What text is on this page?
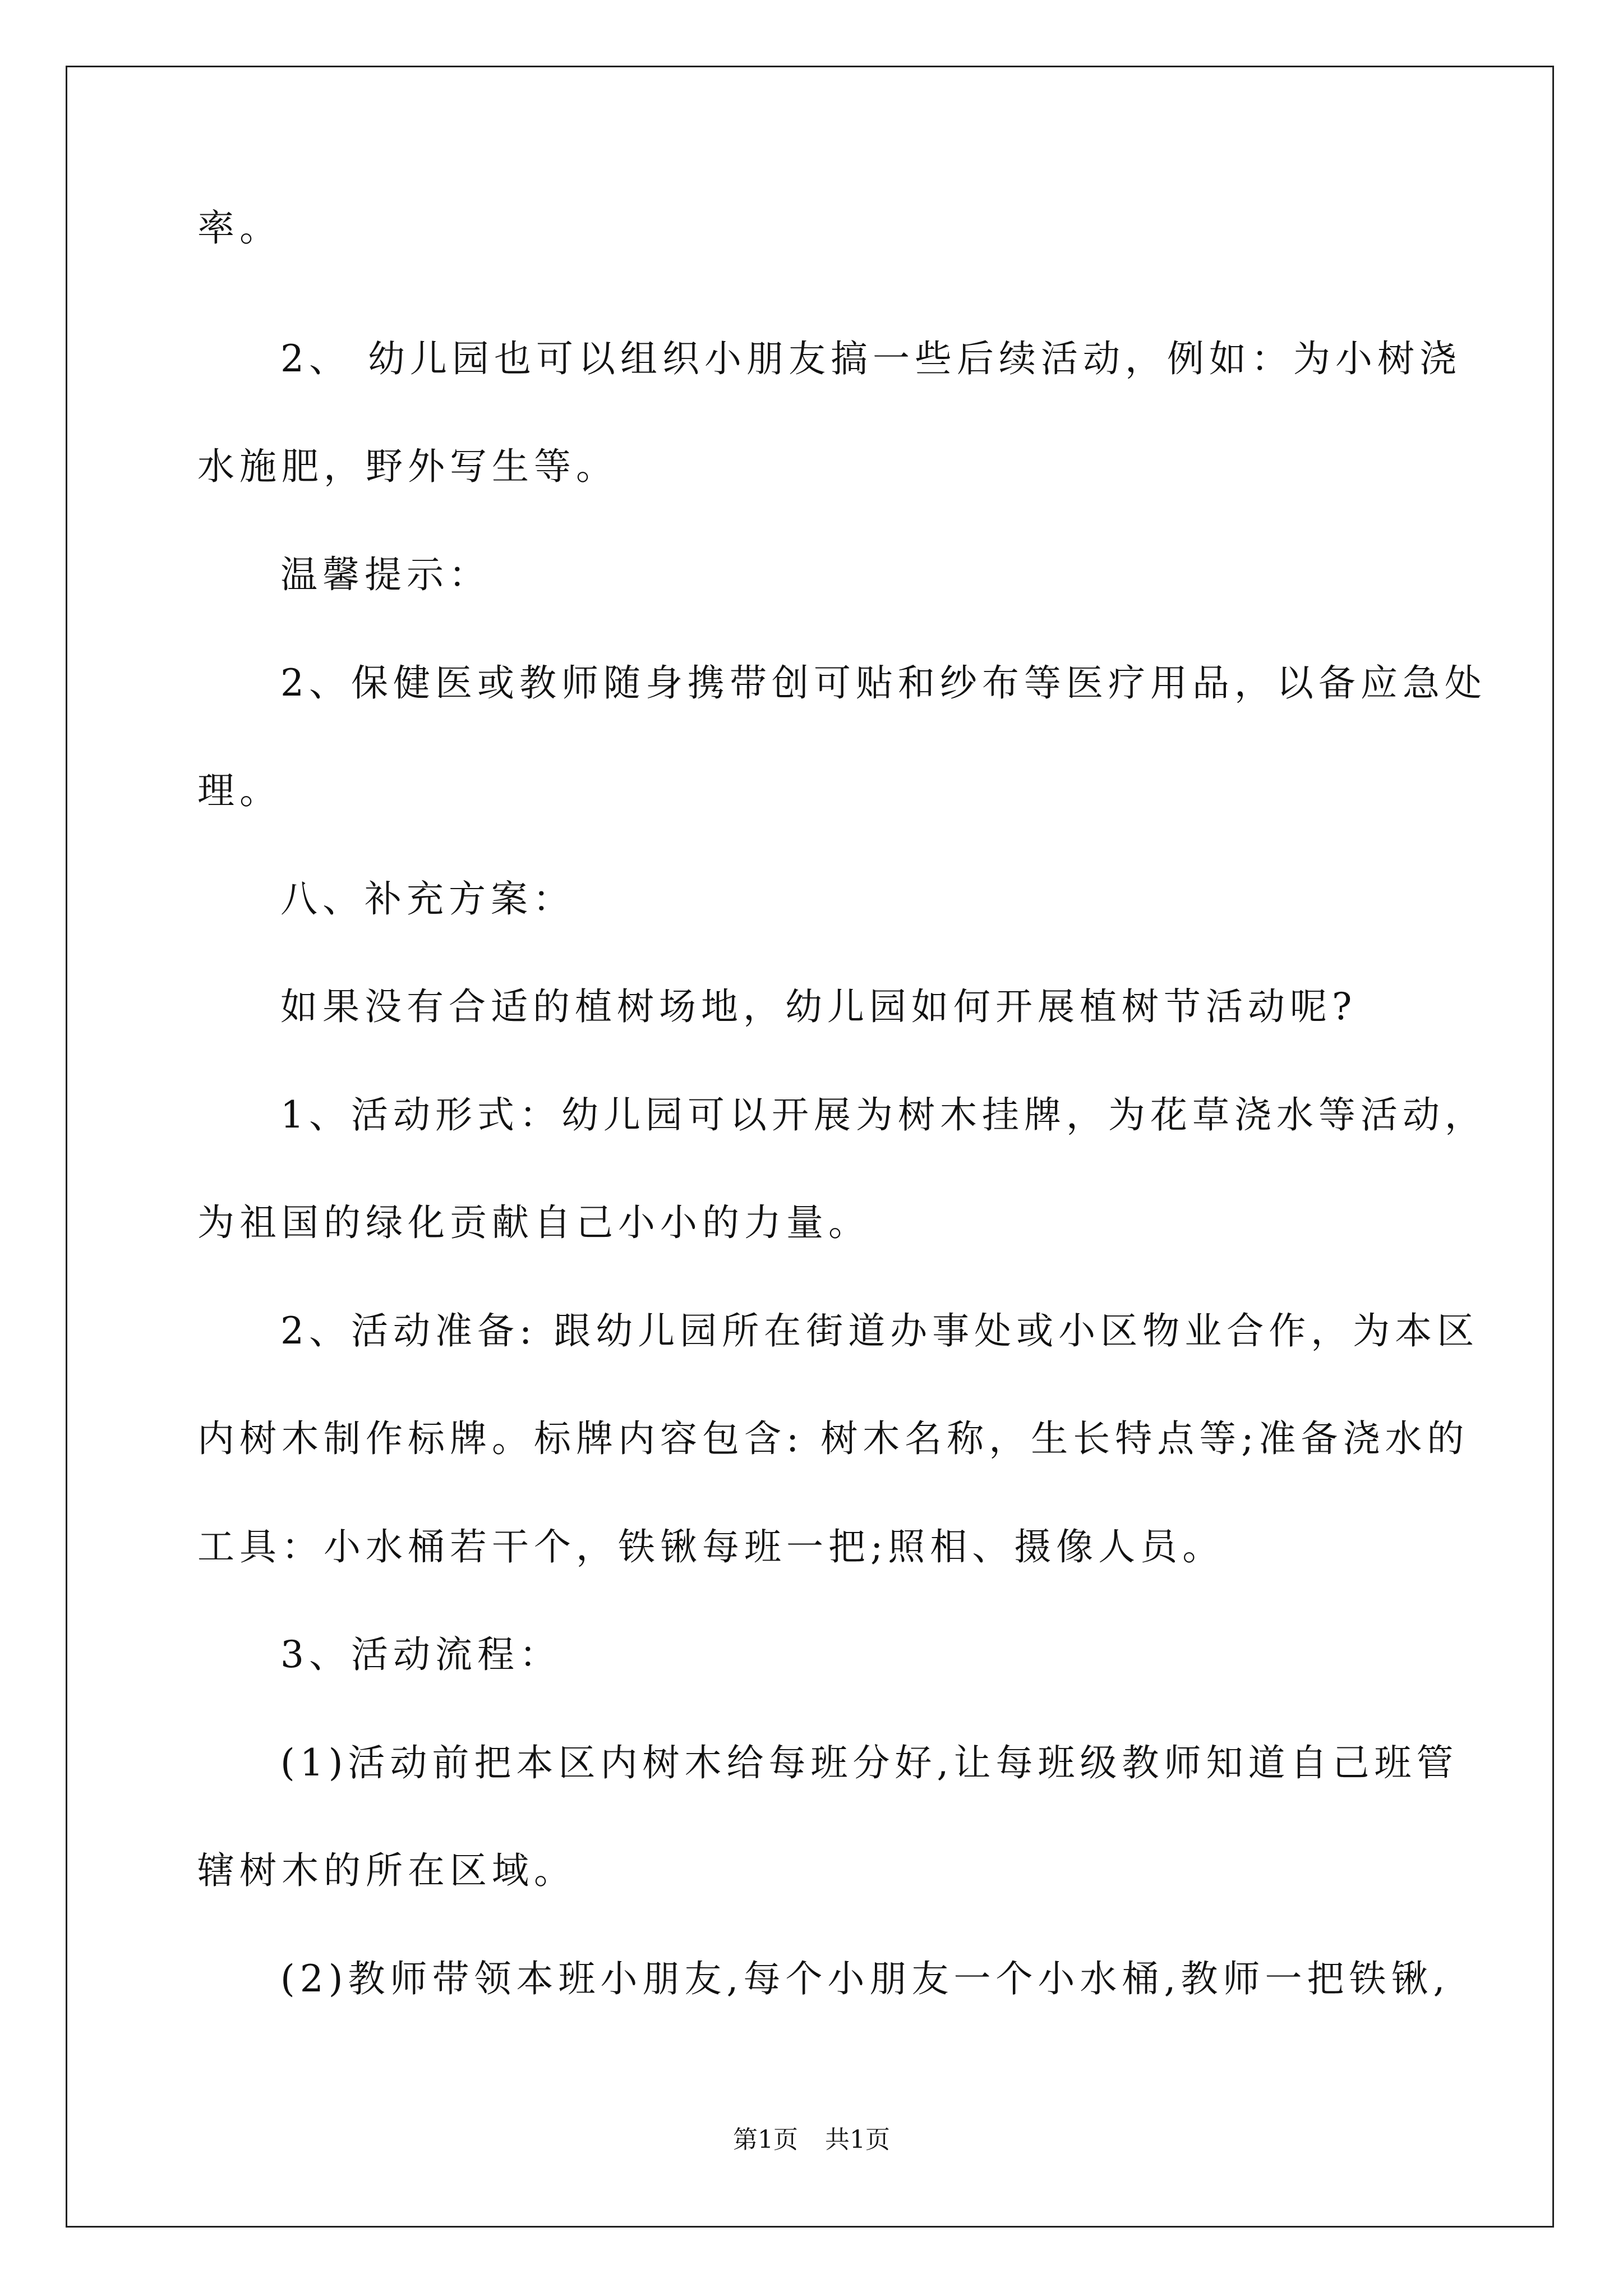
率。
2、 幼儿园也可以组织小朋友搞一些后续活动，例如：为小树浇
水施肥，野外写生等。
温馨提示：
2、保健医或教师随身携带创可贴和纱布等医疗用品，以备应急处
理。
八、补充方案：
如果没有合适的植树场地，幼儿园如何开展植树节活动呢?
1、活动形式：幼儿园可以开展为树木挂牌，为花草浇水等活动，
为祖国的绿化贡献自己小小的力量。
2、活动准备: 跟幼儿园所在街道办事处或小区物业合作，为本区
内树木制作标牌。标牌内容包含: 树木名称，生长特点等;准备浇水的
工具：小水桶若干个，铁锹每班一把;照相、摄像人员。
3、活动流程：
(1)活动前把本区内树木给每班分好,让每班级教师知道自己班管
辖树木的所在区域。
(2)教师带领本班小朋友,每个小朋友一个小水桶,教师一把铁锹,
第1页 共1页
